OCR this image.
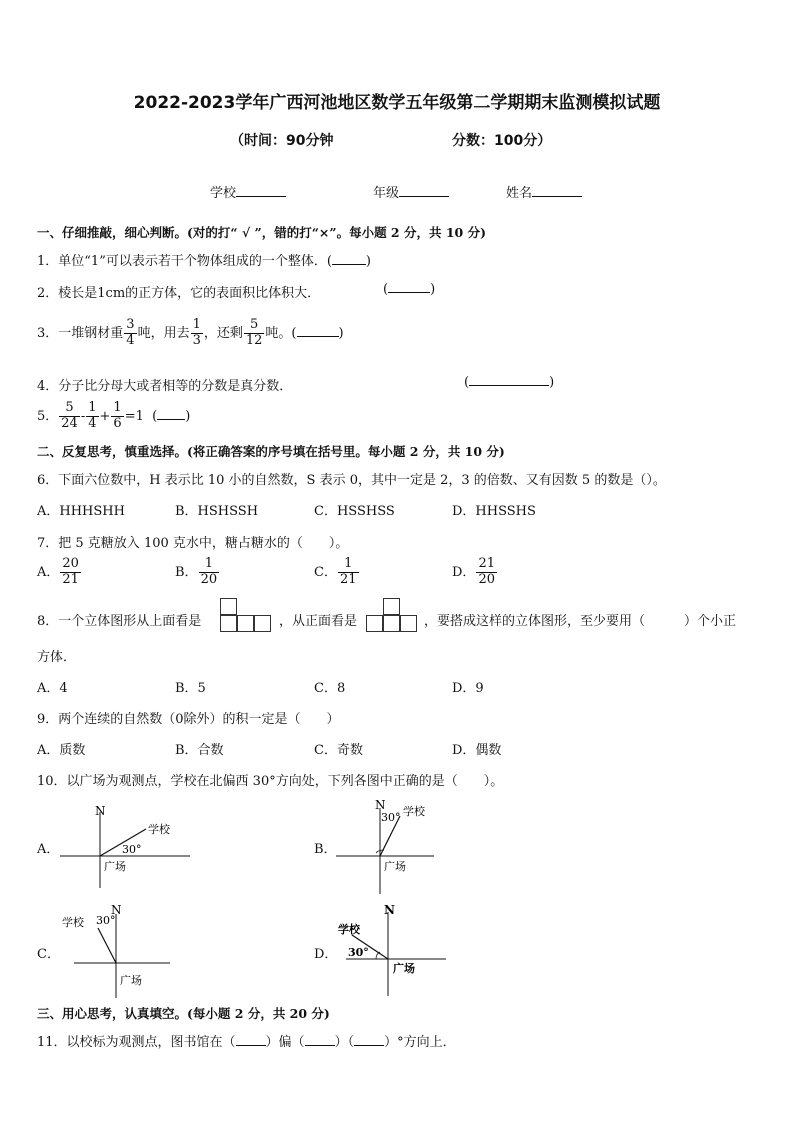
2022-2023学年广西河池地区数学五年级第二学期期末监测模拟试题
（时间：90分钟	分数：100分）
学校	年级	姓名
一、仔细推敲，细心判断。(对的打“ √ ”，错的打“×”。每小题 2 分，共 10 分)
1．单位“1”可以表示若干个物体组成的一个整体．(	)
2．棱长是1cm的正方体，它的表面积比体积大．	(	)
3．一堆钢材重 $\frac{3}{4}$ 吨，用去 $\frac{1}{3}$ ，还剩 $\frac{5}{12}$ 吨。(	)
4．分子比分母大或者相等的分数是真分数．	(	)
5． $\frac{5}{24} - \frac{1}{4} + \frac{1}{6} =1$ ( )
二、反复思考，慎重选择。(将正确答案的序号填在括号里。每小题 2 分，共 10 分)
6．下面六位数中，H 表示比 10 小的自然数，S 表示 0，其中一定是 2，3 的倍数、又有因数 5 的数是（）。
A．HHHSHH	B．HSHSSH	C．HSSHSS	D．HHSSHS
7．把 5 克糖放入 100 克水中，糖占糖水的（　　）。
A． $\frac{20}{21}$	B． $\frac{1}{20}$	C． $\frac{1}{21}$	D． $\frac{21}{20}$
8．一个立体图形从上面看是	，从正面看是	，要搭成这样的立体图形，至少要用（　　　）个小正
方体．
A．4	B．5	C．8	D．9
9．两个连续的自然数（0除外）的积一定是（　　）
A．质数	B．合数	C．奇数	D．偶数
10．以广场为观测点，学校在北偏西 30°方向处，下列各图中正确的是（　　）。
A．
N
学校
30°
广场
B．
N
30° 学校
广场
C．
N
30°
学校
广场
D．
N
学校
30°
广场
三、用心思考，认真填空。(每小题 2 分，共 20 分)
11．以校标为观测点，图书馆在（ ）偏（ ）（ ）°方向上．
